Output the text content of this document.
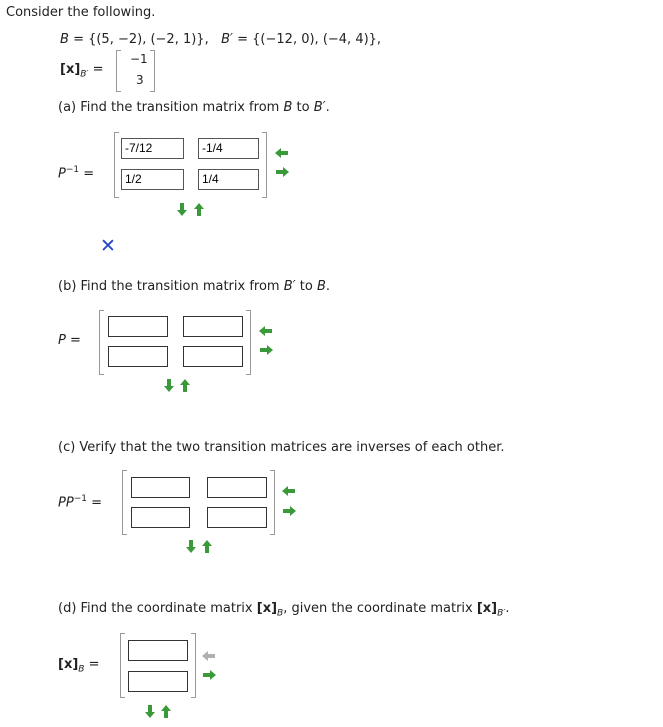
Consider the following.
B = {(5, −2), (−2, 1)}, B′ = {(−12, 0), (−4, 4)},
$[x]_{B'}$ =
−1
3
(a) Find the transition matrix from B to B′.
$P^{-1}$ =
-7/12	-1/4
1/2	1/4
✕
(b) Find the transition matrix from B′ to B.
P =
(c) Verify that the two transition matrices are inverses of each other.
$PP^{-1}$ =
(d) Find the coordinate matrix $[x]_B$, given the coordinate matrix $[x]_{B'}$.
$[x]_B$ =
